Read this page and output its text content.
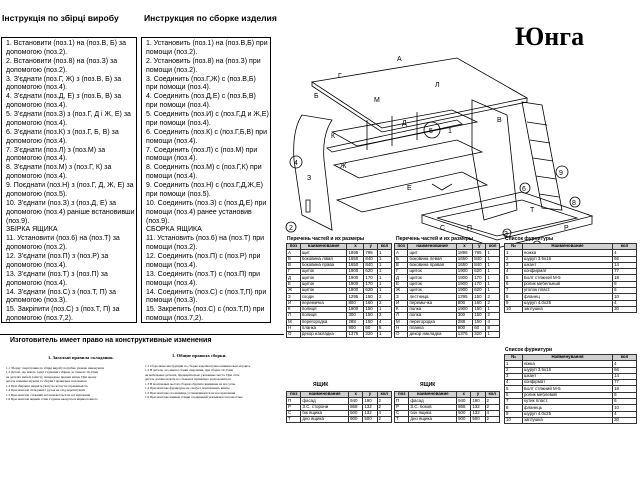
Юнга
Інструкція по збірці виробу
1. Встановити (поз.1) на (поз.В, Б) за
допомогою (поз.2).
2. Встановити (поз.8) на (поз.З) за
допомогою (поз.2).
3. З'єднати (поз.Г, Ж) з (поз.В, Б) за
допомогою (поз.4).
4. З'єднати (поз.Д, Е) з (поз.Б, В) за
допомогою (поз.4).
5. З'єднати (поз.З) з (поз.Г, Д і Ж, Е) за
допомогою (поз.4).
6. З'єднати (поз.К) з (поз.Г, Б, В) за
допомогою (поз.4).
7. З'єднати (поз.Л) з (поз.М) за
допомогою (поз.4).
8. З'єднати (поз.М) з (поз.Г, К) за
допомогою (поз.4).
9. Поєднати (поз.Н) з (поз.Г, Д, Ж, Е) за
допомогою (поз.5).
10. З'єднати (поз.З) з (поз.Д, Е) за
допомогою (поз.4) раніше встановивши
(поз.9).
ЗБІРКА ЯЩИКА
11. Установити (поз.6) на (поз.Т) за
допомогою (поз.2).
12. З'єднати (поз.П) з (поз.Р) за
допомогою (поз.4).
13. З'єднати (поз.Т) з (поз.П) за
допомогою (поз.4).
14. З'єднати (поз.С) з (поз.Т, П) за
допомогою (поз.3).
15. Закріпити (поз.С) з (поз.Т, П) за
допомогою (поз.7,2).
Инструкция по сборке изделия
1. Установить (поз.1) на (поз.В,Б) при
помощи (поз.2).
2. Установить (поз.8) на (поз.З) при
помощи (поз.2).
3. Соединить (поз.Г,Ж) с (поз.В,Б)
при помощи (поз.4).
4. Соединить (поз.Д,Е) с (поз.Б,В)
при помощи (поз.4).
5. Соединить (поз.И) с (поз.Г,Д и Ж,Е)
при помощи (поз.4).
6. Соединить (поз.К) с (поз.Г,Б,В) при
помощи (поз.4).
7. Соединить (поз.Л) с (поз.М) при
помощи (поз.4).
8. Соединить (поз.М) с (поз.Г,К) при
помощи (поз.4).
9. Соединить (поз.Н) с (поз.Г,Д,Ж,Е)
при помощи (поз.5).
10. Соединить (поз.З) с (поз.Д,Е) при
помощи (поз.4) ранее установив
(поз.9).
СБОРКА ЯЩИКА
11. Установить (поз.6) на (поз.Т) при
помощи (поз.2).
12. Соединить (поз.П) с (поз.Р) при
помощи (поз.4).
13. Соединить (поз.Т) с (поз.П) при
помощи (поз.4).
14. Соединить (поз.С) с (поз.Т,П) при
помощи (поз.3).
15. Закрепить (поз.С) с (поз.Т,П) при
помощи (поз.7,2).
А
Б
В
Г
Д
Е
Ж
З
К
Л
М
П	Р
С
Т
1
2
3
4
5
6
8
9
Перечень частей и их размеры
поз	наименование	x	y	кол
А	щит	1895	795	1
Б	боковина лівая	1650	840	1
В	боковина права	1650	840	1
Г	щиток	1900	620	1
Д	щиток	1900	170	1
Е	щиток	1900	170	1
Ж	щиток	1900	620	1
З	сходи	1295	150	2
И	перемичка	800	160	2
К	полиця	1900	150	1
Л	полиця	300	150	2
М	перегородка	288	150	4
Н	планка	900	60	8
О	декор накладка	1376	320	1
Перечень частей и их размеры
поз	наименование	x	y	кол
А	щит	1895	795	1
Б	боковина левая	1650	840	1
В	боковина правая	1650	840	1
Г	щиток	1900	620	1
Д	щиток	1900	170	1
Е	щиток	1900	170	1
Ж	щиток	1900	620	1
З	лестница	1295	150	2
И	перемычка	800	160	2
К	полка	1900	150	1
Л	полка	300	150	2
М	перегородка	288	150	4
Н	планка	900	60	8
О	декор накладка	1376	320	1
Список фурнитуры
№	Наименование	кол
1	ножка	4
2	шуруп 3.5х16	66
3	шкант	14
4	конфирмат	77
5	Болт стяжной М-5	18
6	ролик мебельный	8
7	уголок пласт.	6
8	фланец	10
9	шуруп 4.0х25	4
10	заглушка	30
Список фурнитури
№	Найменування	кол
1	ніжка	4
2	шуруп 3.5х16	66
3	шкант	14
4	конфірмат	77
5	Болт стяжний М-5	18
6	ролик меблевий	8
7	кутик пласт.	6
8	фланець	10
9	шуруп 4.0х25	4
10	заглушка	30
ЯЩИК
поз	наименование	x	y	кол
П	фасад	940	190	2
Р	З.С. сторони	868	132	2
С	бік ящика	500	132	4
Т	дно ящика	900	500	2
ЯЩИК
поз	наименование	x	y	кол
П	фасад	940	190	2
Р	З.С. боков	868	132	2
С	бок ящика	500	132	4
Т	дно ящика	900	500	2
Изготовитель имеет право на конструктивные изменения
1. Загальні правила складання.
1.1 Зборку і вертатання по збірці виробу потрібно уважно виконувати
1.2 Деталі, що мають торці з'єднання і збірки, за схемою 19-15мм
на деталях мебелі захисту, попередньо вказані місця. При цьому
деталь повинна шукати та зборки і правильне положення
1.3 При збиранні зверніть увагу на всі кути і правильність
1.4 При монтажі складових і ручок не слід перетягувати
1.5 При монтажі стільниці встановлюється на всі кріплення
1.6 При монтажі ящиків стіни з'єднань вказується ящика повного
1. Общие правила сборки.
1.1 Сборочные инструкции по сборке изделия нужно внимательно изучить
1.2 В детали, что имеют стыки сверления, при сборке 19-15мм
на мебельных деталях, предварительно указанные места. При этом
деталь должна искать по стыкам и правильно расположиться
1.3 В монтажных местах сборки обратите внимание на все углы
1.4 При монтаже фурнитуры не следует перетягивать винты
1.5 При монтаже столешница устанавливается на все крепления
1.6 При монтаже ящиков стенки соединений указываются полностью
